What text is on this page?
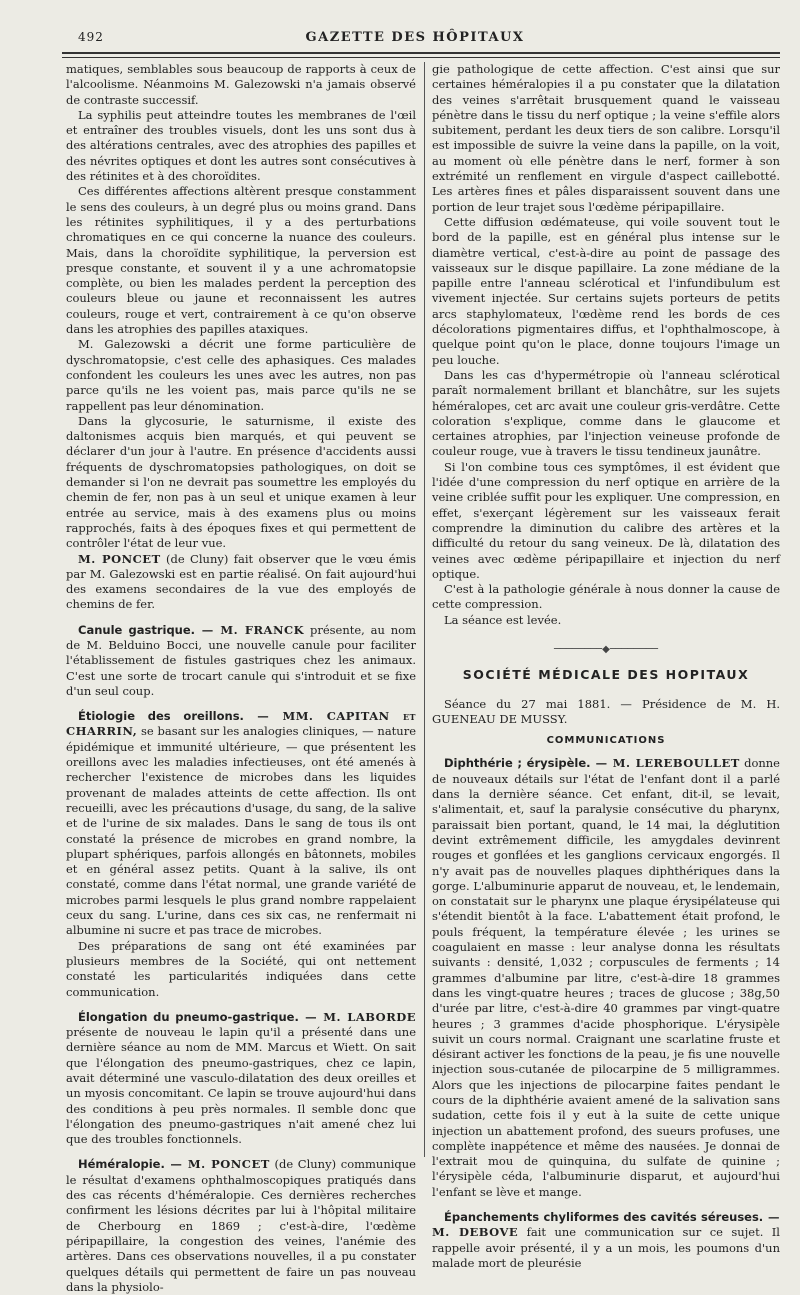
492	GAZETTE DES HÔPITAUX

matiques, semblables sous beaucoup de rapports à ceux de l'alcoolisme. Néanmoins M. Galezowski n'a jamais observé de contraste successif.

La syphilis peut atteindre toutes les membranes de l'œil et entraîner des troubles visuels, dont les uns sont dus à des altérations centrales, avec des atrophies des papilles et des névrites optiques et dont les autres sont consécutives à des rétinites et à des choroïdites.

Ces différentes affections altèrent presque constamment le sens des couleurs, à un degré plus ou moins grand. Dans les rétinites syphilitiques, il y a des perturbations chromatiques en ce qui concerne la nuance des couleurs. Mais, dans la choroïdite syphilitique, la perversion est presque constante, et souvent il y a une achromatopsie complète, ou bien les malades perdent la perception des couleurs bleue ou jaune et reconnaissent les autres couleurs, rouge et vert, contrairement à ce qu'on observe dans les atrophies des papilles ataxiques.

M. Galezowski a décrit une forme particulière de dyschromatopsie, c'est celle des aphasiques. Ces malades confondent les couleurs les unes avec les autres, non pas parce qu'ils ne les voient pas, mais parce qu'ils ne se rappellent pas leur dénomination.

Dans la glycosurie, le saturnisme, il existe des daltonismes acquis bien marqués, et qui peuvent se déclarer d'un jour à l'autre. En présence d'accidents aussi fréquents de dyschromatopsies pathologiques, on doit se demander si l'on ne devrait pas soumettre les employés du chemin de fer, non pas à un seul et unique examen à leur entrée au service, mais à des examens plus ou moins rapprochés, faits à des époques fixes et qui permettent de contrôler l'état de leur vue.

M. PONCET (de Cluny) fait observer que le vœu émis par M. Galezowski est en partie réalisé. On fait aujourd'hui des examens secondaires de la vue des employés de chemins de fer.

Canule gastrique. — M. FRANCK présente, au nom de M. Belduino Bocci, une nouvelle canule pour faciliter l'établissement de fistules gastriques chez les animaux. C'est une sorte de trocart canule qui s'introduit et se fixe d'un seul coup.

Étiologie des oreillons. — MM. CAPITAN et CHARRIN, se basant sur les analogies cliniques, — nature épidémique et immunité ultérieure, — que présentent les oreillons avec les maladies infectieuses, ont été amenés à rechercher l'existence de microbes dans les liquides provenant de malades atteints de cette affection. Ils ont recueilli, avec les précautions d'usage, du sang, de la salive et de l'urine de six malades. Dans le sang de tous ils ont constaté la présence de microbes en grand nombre, la plupart sphériques, parfois allongés en bâtonnets, mobiles et en général assez petits. Quant à la salive, ils ont constaté, comme dans l'état normal, une grande variété de microbes parmi lesquels le plus grand nombre rappelaient ceux du sang. L'urine, dans ces six cas, ne renfermait ni albumine ni sucre et pas trace de microbes.

Des préparations de sang ont été examinées par plusieurs membres de la Société, qui ont nettement constaté les particularités indiquées dans cette communication.

Élongation du pneumo-gastrique. — M. LABORDE présente de nouveau le lapin qu'il a présenté dans une dernière séance au nom de MM. Marcus et Wiett. On sait que l'élongation des pneumo-gastriques, chez ce lapin, avait déterminé une vasculo-dilatation des deux oreilles et un myosis concomitant. Ce lapin se trouve aujourd'hui dans des conditions à peu près normales. Il semble donc que l'élongation des pneumo-gastriques n'ait amené chez lui que des troubles fonctionnels.

Héméralopie. — M. PONCET (de Cluny) communique le résultat d'examens ophthalmoscopiques pratiqués dans des cas récents d'héméralopie. Ces dernières recherches confirment les lésions décrites par lui à l'hôpital militaire de Cherbourg en 1869 ; c'est-à-dire, l'œdème péripapillaire, la congestion des veines, l'anémie des artères. Dans ces observations nouvelles, il a pu constater quelques détails qui permettent de faire un pas nouveau dans la physiolo-

gie pathologique de cette affection. C'est ainsi que sur certaines héméralopies il a pu constater que la dilatation des veines s'arrêtait brusquement quand le vaisseau pénètre dans le tissu du nerf optique ; la veine s'effile alors subitement, perdant les deux tiers de son calibre. Lorsqu'il est impossible de suivre la veine dans la papille, on la voit, au moment où elle pénètre dans le nerf, former à son extrémité un renflement en virgule d'aspect caillebotté. Les artères fines et pâles disparaissent souvent dans une portion de leur trajet sous l'œdème péripapillaire.

Cette diffusion œdémateuse, qui voile souvent tout le bord de la papille, est en général plus intense sur le diamètre vertical, c'est-à-dire au point de passage des vaisseaux sur le disque papillaire. La zone médiane de la papille entre l'anneau sclérotical et l'infundibulum est vivement injectée. Sur certains sujets porteurs de petits arcs staphylomateux, l'œdème rend les bords de ces décolorations pigmentaires diffus, et l'ophthalmoscope, à quelque point qu'on le place, donne toujours l'image un peu louche.

Dans les cas d'hypermétropie où l'anneau sclérotical paraît normalement brillant et blanchâtre, sur les sujets héméralopes, cet arc avait une couleur gris-verdâtre. Cette coloration s'explique, comme dans le glaucome et certaines atrophies, par l'injection veineuse profonde de couleur rouge, vue à travers le tissu tendineux jaunâtre.

Si l'on combine tous ces symptômes, il est évident que l'idée d'une compression du nerf optique en arrière de la veine criblée suffit pour les expliquer. Une compression, en effet, s'exerçant légèrement sur les vaisseaux ferait comprendre la diminution du calibre des artères et la difficulté du retour du sang veineux. De là, dilatation des veines avec œdème péripapillaire et injection du nerf optique.

C'est à la pathologie générale à nous donner la cause de cette compression.

La séance est levée.

────────◆────────
SOCIÉTÉ MÉDICALE DES HOPITAUX

Séance du 27 mai 1881. — Présidence de M. H. GUENEAU DE MUSSY.

COMMUNICATIONS

Diphthérie ; érysipèle. — M. LEREBOULLET donne de nouveaux détails sur l'état de l'enfant dont il a parlé dans la dernière séance. Cet enfant, dit-il, se levait, s'alimentait, et, sauf la paralysie consécutive du pharynx, paraissait bien portant, quand, le 14 mai, la déglutition devint extrêmement difficile, les amygdales devinrent rouges et gonflées et les ganglions cervicaux engorgés. Il n'y avait pas de nouvelles plaques diphthériques dans la gorge. L'albuminurie apparut de nouveau, et, le lendemain, on constatait sur le pharynx une plaque érysipélateuse qui s'étendit bientôt à la face. L'abattement était profond, le pouls fréquent, la température élevée ; les urines se coagulaient en masse : leur analyse donna les résultats suivants : densité, 1,032 ; corpuscules de ferments ; 14 grammes d'albumine par litre, c'est-à-dire 18 grammes dans les vingt-quatre heures ; traces de glucose ; 38g,50 d'urée par litre, c'est-à-dire 40 grammes par vingt-quatre heures ; 3 grammes d'acide phosphorique. L'érysipèle suivit un cours normal. Craignant une scarlatine fruste et désirant activer les fonctions de la peau, je fis une nouvelle injection sous-cutanée de pilocarpine de 5 milligrammes. Alors que les injections de pilocarpine faites pendant le cours de la diphthérie avaient amené de la salivation sans sudation, cette fois il y eut à la suite de cette unique injection un abattement profond, des sueurs profuses, une complète inappétence et même des nausées. Je donnai de l'extrait mou de quinquina, du sulfate de quinine ; l'érysipèle céda, l'albuminurie disparut, et aujourd'hui l'enfant se lève et mange.

Épanchements chyliformes des cavités séreuses. — M. DEBOVE fait une communication sur ce sujet. Il rappelle avoir présenté, il y a un mois, les poumons d'un malade mort de pleurésie
